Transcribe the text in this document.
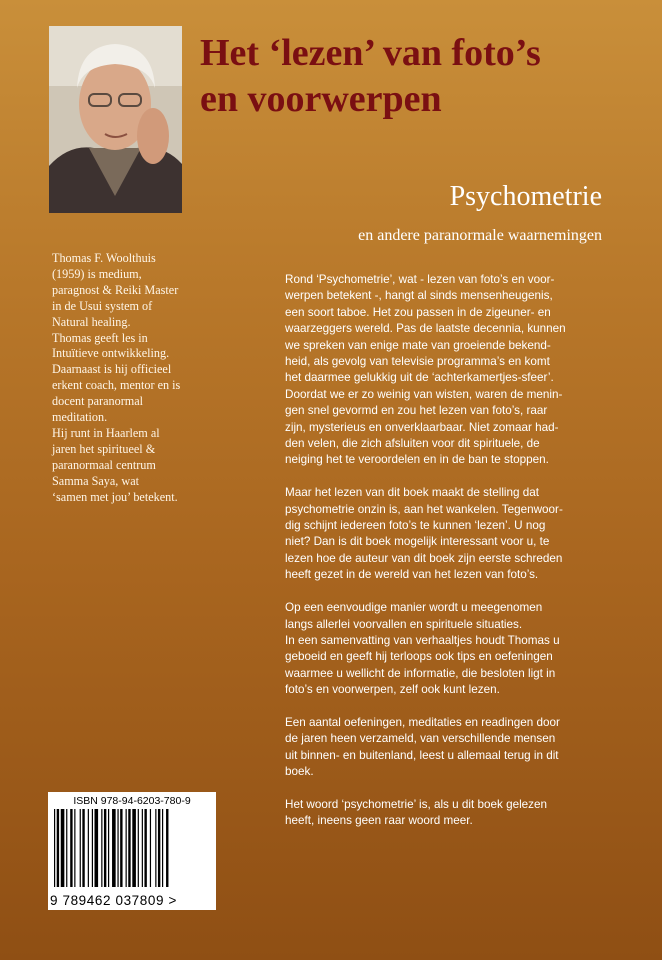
Het ‘lezen’ van foto’s
en voorwerpen
Psychometrie
en andere paranormale waarnemingen
Thomas F. Woolthuis
(1959) is medium,
paragnost & Reiki Master
in de Usui system of
Natural healing.
Thomas geeft les in
Intuïtieve ontwikkeling.
Daarnaast is hij officieel
erkent coach, mentor en is
docent paranormal
meditation.
Hij runt in Haarlem al
jaren het spiritueel &
paranormaal centrum
Samma Saya, wat
‘samen met jou’ betekent.

Rond ‘Psychometrie’, wat - lezen van foto’s en voor-
werpen betekent -, hangt al sinds mensenheugenis,
een soort taboe. Het zou passen in de zigeuner- en
waarzeggers wereld. Pas de laatste decennia, kunnen
we spreken van enige mate van groeiende bekend-
heid, als gevolg van televisie programma’s en komt
het daarmee gelukkig uit de ‘achterkamertjes-sfeer’.
Doordat we er zo weinig van wisten, waren de menin-
gen snel gevormd en zou het lezen van foto’s, raar
zijn, mysterieus en onverklaarbaar. Niet zomaar had-
den velen, die zich afsluiten voor dit spirituele, de
neiging het te veroordelen en in de ban te stoppen.

Maar het lezen van dit boek maakt de stelling dat
psychometrie onzin is, aan het wankelen. Tegenwoor-
dig schijnt iedereen foto’s te kunnen ‘lezen’. U nog
niet? Dan is dit boek mogelijk interessant voor u, te
lezen hoe de auteur van dit boek zijn eerste schreden
heeft gezet in de wereld van het lezen van foto’s.

Op een eenvoudige manier wordt u meegenomen
langs allerlei voorvallen en spirituele situaties.
In een samenvatting van verhaaltjes houdt Thomas u
geboeid en geeft hij terloops ook tips en oefeningen
waarmee u wellicht de informatie, die besloten ligt in
foto’s en voorwerpen, zelf ook kunt lezen.

Een aantal oefeningen, meditaties en readingen door
de jaren heen verzameld, van verschillende mensen
uit binnen- en buitenland, leest u allemaal terug in dit
boek.

Het woord ‘psychometrie’ is, als u dit boek gelezen
heeft, ineens geen raar woord meer.

ISBN 978-94-6203-780-9
9 789462 037809 >
